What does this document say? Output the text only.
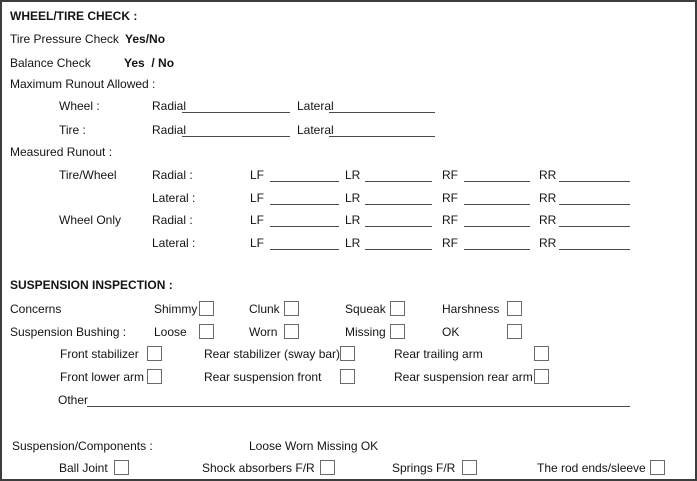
WHEEL/TIRE CHECK :
Tire Pressure Check Yes/No
Balance Check	Yes  / No
Maximum Runout Allowed :
Wheel :	Radial	Lateral
Tire :	Radial	Lateral
Measured Runout :
Tire/Wheel	Radial :	LF	LR	RF	RR
Lateral :	LF	LR	RF	RR
Wheel Only	Radial :	LF	LR	RF	RR
Lateral :	LF	LR	RF	RR
SUSPENSION INSPECTION :
Concerns	Shimmy	Clunk	Squeak	Harshness
Suspension Bushing : Loose	Worn	Missing	OK
Front stabilizer	Rear stabilizer (sway bar)	Rear trailing arm
Front lower arm	Rear suspension front	Rear suspension rear arm
Other
Suspension/Components :	Loose Worn Missing OK
Ball Joint	Shock absorbers F/R	Springs F/R	The rod ends/sleeve
